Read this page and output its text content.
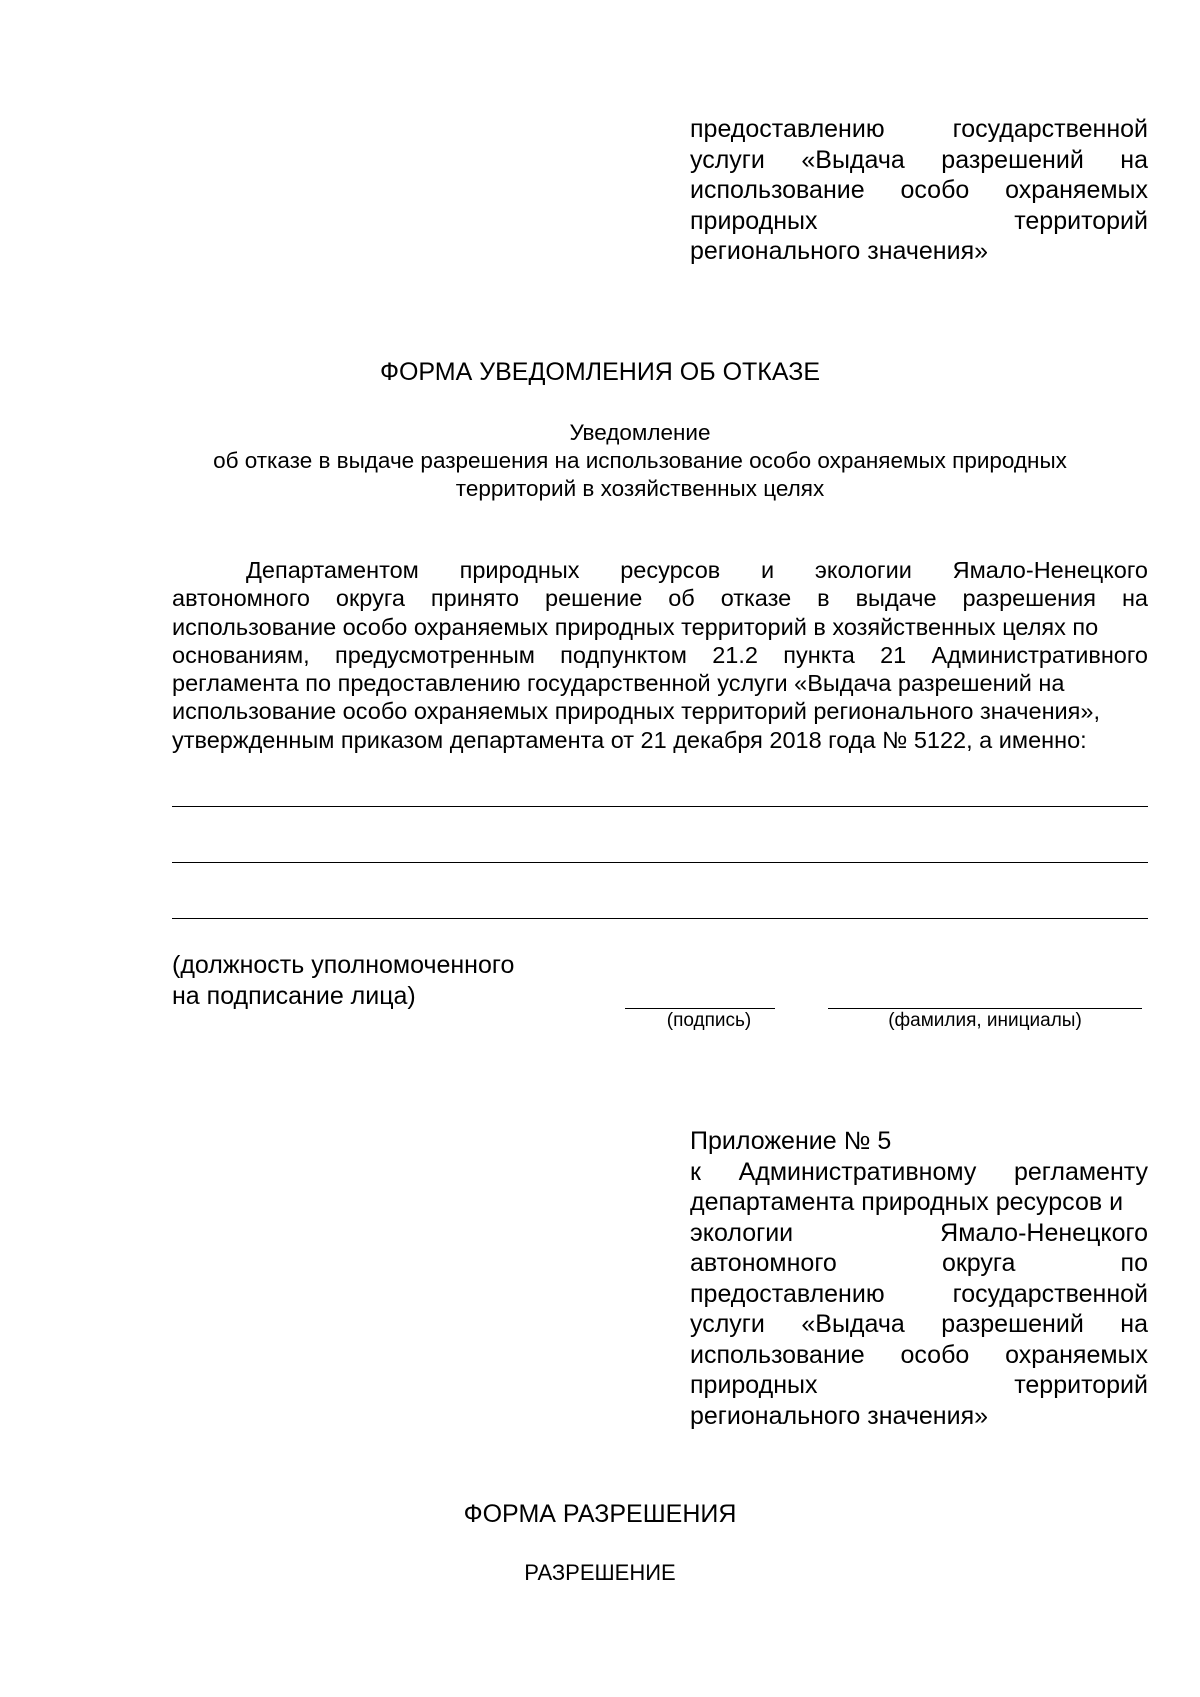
предоставлению государственной
услуги «Выдача разрешений на
использование особо охраняемых
природных территорий
регионального значения»
ФОРМА УВЕДОМЛЕНИЯ ОБ ОТКАЗЕ
Уведомление
об отказе в выдаче разрешения на использование особо охраняемых природных
территорий в хозяйственных целях
Департаментом природных ресурсов и экологии Ямало-Ненецкого
автономного округа принято решение об отказе в выдаче разрешения на
использование особо охраняемых природных территорий в хозяйственных целях по
основаниям, предусмотренным подпунктом 21.2 пункта 21 Административного
регламента по предоставлению государственной услуги «Выдача разрешений на
использование особо охраняемых природных территорий регионального значения»,
утвержденным приказом департамента от 21 декабря 2018 года № 5122, а именно:
(должность уполномоченного
на подписание лица)
(подпись)	(фамилия, инициалы)
Приложение № 5
к Административному регламенту
департамента природных ресурсов и
экологии Ямало-Ненецкого
автономного округа по
предоставлению государственной
услуги «Выдача разрешений на
использование особо охраняемых
природных территорий
регионального значения»
ФОРМА РАЗРЕШЕНИЯ
РАЗРЕШЕНИЕ
